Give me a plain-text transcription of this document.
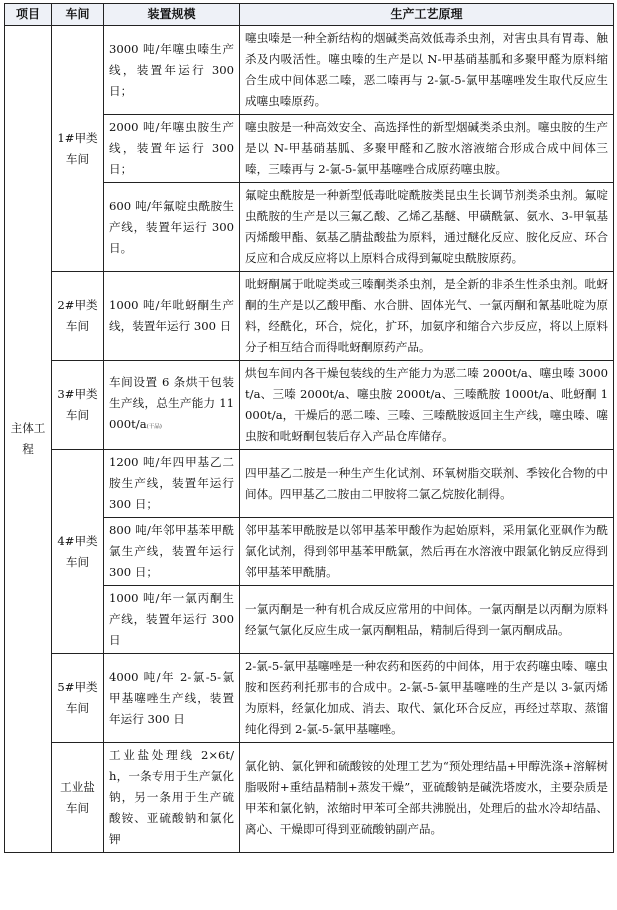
项目	车间	装置规模	生产工艺原理
主体工程	1#甲类车间	3000 吨/年噻虫嗪生产线，装置年运行 300 日；	噻虫嗪是一种全新结构的烟碱类高效低毒杀虫剂，对害虫具有胃毒、触杀及内吸活性。噻虫嗪的生产是以 N-甲基硝基胍和多聚甲醛为原料缩合生成中间体恶二嗪，恶二嗪再与 2-氯-5-氯甲基噻唑发生取代反应生成噻虫嗪原药。
		2000 吨/年噻虫胺生产线，装置年运行 300 日；	噻虫胺是一种高效安全、高选择性的新型烟碱类杀虫剂。噻虫胺的生产是以 N-甲基硝基胍、多聚甲醛和乙胺水溶液缩合形成合成中间体三嗪，三嗪再与 2-氯-5-氯甲基噻唑合成原药噻虫胺。
		600 吨/年氟啶虫酰胺生产线，装置年运行 300 日。	氟啶虫酰胺是一种新型低毒吡啶酰胺类昆虫生长调节剂类杀虫剂。氟啶虫酰胺的生产是以三氟乙酸、乙烯乙基醚、甲磺酰氯、氨水、3-甲氧基丙烯酸甲酯、氨基乙腈盐酸盐为原料，通过醚化反应、胺化反应、环合反应和合成反应将以上原料合成得到氟啶虫酰胺原药。
	2#甲类车间	1000 吨/年吡蚜酮生产线，装置年运行 300 日	吡蚜酮属于吡啶类或三嗪酮类杀虫剂，是全新的非杀生性杀虫剂。吡蚜酮的生产是以乙酸甲酯、水合肼、固体光气、一氯丙酮和氰基吡啶为原料，经酰化，环合，烷化，扩环，加氨序和缩合六步反应，将以上原料分子相互结合而得吡蚜酮原药产品。
	3#甲类车间	车间设置 6 条烘干包装生产线，总生产能力 11000t/a(干品)	烘包车间内各干燥包装线的生产能力为恶二嗪 2000t/a、噻虫嗪 3000t/a、三嗪 2000t/a、噻虫胺 2000t/a、三嗪酰胺 1000t/a、吡蚜酮 1000t/a，干燥后的恶二嗪、三嗪、三嗪酰胺返回主生产线，噻虫嗪、噻虫胺和吡蚜酮包装后存入产品仓库储存。
	4#甲类车间	1200 吨/年四甲基乙二胺生产线，装置年运行 300 日；	四甲基乙二胺是一种生产生化试剂、环氧树脂交联剂、季铵化合物的中间体。四甲基乙二胺由二甲胺将二氯乙烷胺化制得。
		800 吨/年邻甲基苯甲酰氯生产线，装置年运行 300 日；	邻甲基苯甲酰胺是以邻甲基苯甲酸作为起始原料，采用氯化亚砜作为酰氯化试剂，得到邻甲基苯甲酰氯，然后再在水溶液中跟氯化钠反应得到邻甲基苯甲酰腈。
		1000 吨/年一氯丙酮生产线，装置年运行 300 日	一氯丙酮是一种有机合成反应常用的中间体。一氯丙酮是以丙酮为原料经氯气氯化反应生成一氯丙酮粗品，精制后得到一氯丙酮成品。
	5#甲类车间	4000 吨/年 2-氯-5-氯甲基噻唑生产线，装置年运行 300 日	2-氯-5-氯甲基噻唑是一种农药和医药的中间体，用于农药噻虫嗪、噻虫胺和医药利托那韦的合成中。2-氯-5-氯甲基噻唑的生产是以 3-氯丙烯为原料，经氯化加成、消去、取代、氯化环合反应，再经过萃取、蒸馏纯化得到 2-氯-5-氯甲基噻唑。
	工业盐车间	工业盐处理线 2×6t/h，一条专用于生产氯化钠，另一条用于生产硫酸铵、亚硫酸钠和氯化钾	氯化钠、氯化钾和硫酸铵的处理工艺为“预处理结晶+甲醇洗涤+溶解树脂吸附+重结晶精制+蒸发干燥”，亚硫酸钠是碱洗塔废水，主要杂质是甲苯和氯化钠，浓缩时甲苯可全部共沸脱出，处理后的盐水冷却结晶、离心、干燥即可得到亚硫酸钠副产品。
